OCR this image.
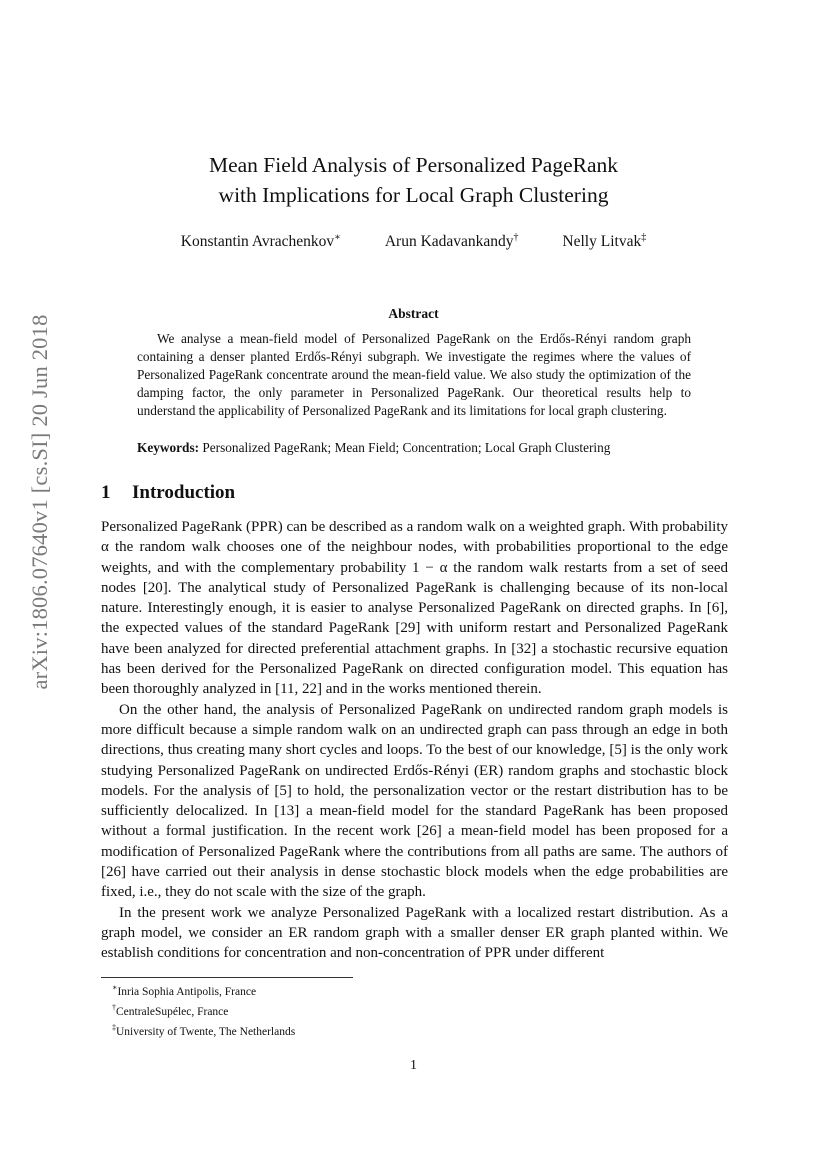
arXiv:1806.07640v1 [cs.SI] 20 Jun 2018
Mean Field Analysis of Personalized PageRank
with Implications for Local Graph Clustering
Konstantin Avrachenkov∗	Arun Kadavankandy†	Nelly Litvak‡
Abstract

We analyse a mean-field model of Personalized PageRank on the Erdős-Rényi random graph containing a denser planted Erdős-Rényi subgraph. We investigate the regimes where the values of Personalized PageRank concentrate around the mean-field value. We also study the optimization of the damping factor, the only parameter in Personalized PageRank. Our theoretical results help to understand the applicability of Personalized PageRank and its limitations for local graph clustering.

Keywords: Personalized PageRank; Mean Field; Concentration; Local Graph Clustering

1 Introduction

Personalized PageRank (PPR) can be described as a random walk on a weighted graph. With probability α the random walk chooses one of the neighbour nodes, with probabilities proportional to the edge weights, and with the complementary probability 1 − α the random walk restarts from a set of seed nodes [20]. The analytical study of Personalized PageRank is challenging because of its non-local nature. Interestingly enough, it is easier to analyse Personalized PageRank on directed graphs. In [6], the expected values of the standard PageRank [29] with uniform restart and Personalized PageRank have been analyzed for directed preferential attachment graphs. In [32] a stochastic recursive equation has been derived for the Personalized PageRank on directed configuration model. This equation has been thoroughly analyzed in [11, 22] and in the works mentioned therein.

On the other hand, the analysis of Personalized PageRank on undirected random graph models is more difficult because a simple random walk on an undirected graph can pass through an edge in both directions, thus creating many short cycles and loops. To the best of our knowledge, [5] is the only work studying Personalized PageRank on undirected Erdős-Rényi (ER) random graphs and stochastic block models. For the analysis of [5] to hold, the personalization vector or the restart distribution has to be sufficiently delocalized. In [13] a mean-field model for the standard PageRank has been proposed without a formal justification. In the recent work [26] a mean-field model has been proposed for a modification of Personalized PageRank where the contributions from all paths are same. The authors of [26] have carried out their analysis in dense stochastic block models when the edge probabilities are fixed, i.e., they do not scale with the size of the graph.

In the present work we analyze Personalized PageRank with a localized restart distribution. As a graph model, we consider an ER random graph with a smaller denser ER graph planted within. We establish conditions for concentration and non-concentration of PPR under different

∗Inria Sophia Antipolis, France
†CentraleSupélec, France
‡University of Twente, The Netherlands
1
